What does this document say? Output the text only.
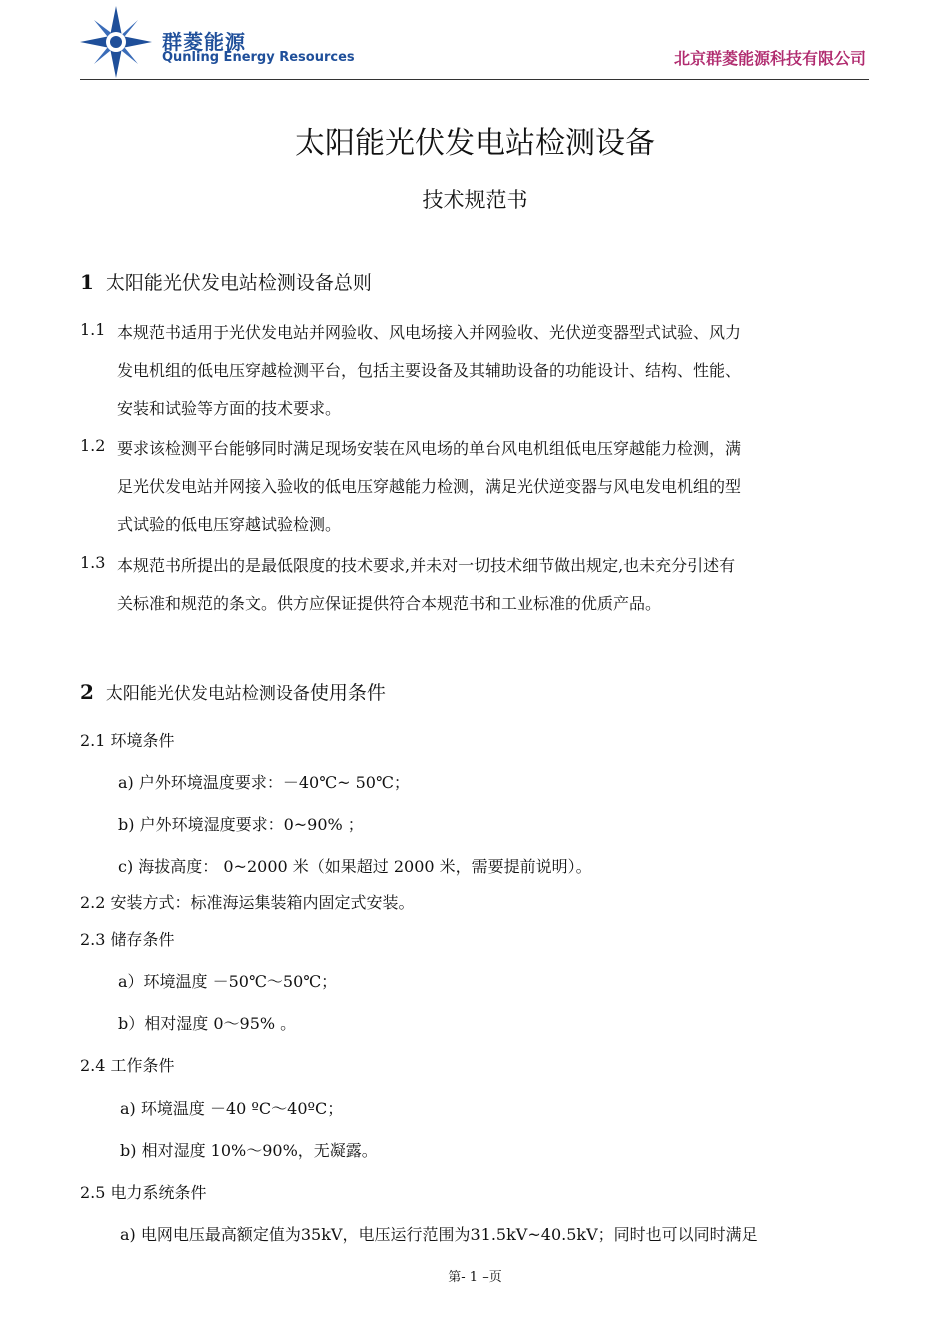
群菱能源
Qunling Energy Resources	北京群菱能源科技有限公司
太阳能光伏发电站检测设备
技术规范书
1 太阳能光伏发电站检测设备总则
1.1 本规范书适用于光伏发电站并网验收、风电场接入并网验收、光伏逆变器型式试验、风力
发电机组的低电压穿越检测平台，包括主要设备及其辅助设备的功能设计、结构、性能、
安装和试验等方面的技术要求。
1.2 要求该检测平台能够同时满足现场安装在风电场的单台风电机组低电压穿越能力检测，满
足光伏发电站并网接入验收的低电压穿越能力检测，满足光伏逆变器与风电发电机组的型
式试验的低电压穿越试验检测。
1.3 本规范书所提出的是最低限度的技术要求,并未对一切技术细节做出规定,也未充分引述有
关标准和规范的条文。供方应保证提供符合本规范书和工业标准的优质产品。
2 太阳能光伏发电站检测设备使用条件
2.1 环境条件
a) 户外环境温度要求：－40℃~ 50℃；
b) 户外环境湿度要求：0~90% ；
c) 海拔高度： 0~2000 米（如果超过 2000 米，需要提前说明）。
2.2 安装方式：标准海运集装箱内固定式安装。
2.3 储存条件
a）环境温度 －50℃～50℃；
b）相对湿度 0～95% 。
2.4 工作条件
a) 环境温度 －40 ºC～40ºC；
b) 相对湿度 10%～90%，无凝露。
2.5 电力系统条件
a) 电网电压最高额定值为35kV，电压运行范围为31.5kV~40.5kV；同时也可以同时满足
第- 1 –页
